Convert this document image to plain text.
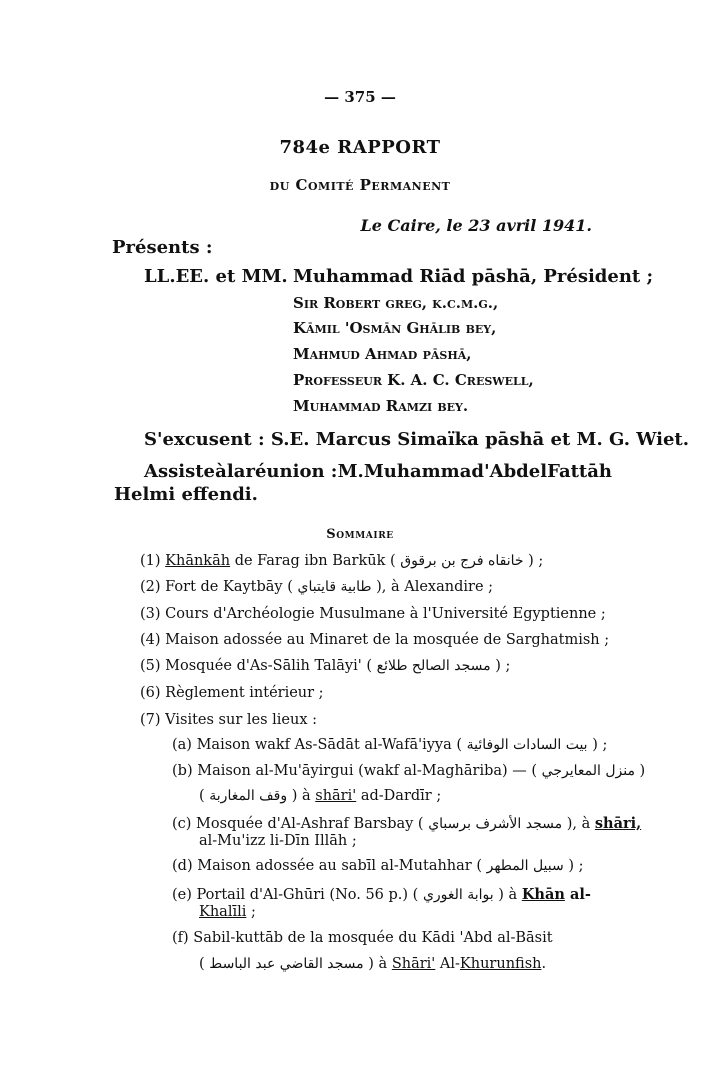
— 375 —
784e RAPPORT
du Comité Permanent
Le Caire, le 23 avril 1941.
Présents :
LL.EE. et MM. Muhammad Riād pāshā, Président ;
Sir Robert greg, k.c.m.g.,
Kāmil 'Osmān Ghālib bey,
Mahmud Ahmad pāshā,
Professeur K. A. C. Creswell,
Muhammad Ramzi bey.
S'excusent : S.E. Marcus Simaïka pāshā et M. G. Wiet.
Assiste à la réunion : M. Muhammad 'Abdel Fattāh
Helmi effendi.
Sommaire
(1) Khānkāh de Farag ibn Barkūk ( خانقاه فرج بن برقوق ) ;
(2) Fort de Kaytbāy ( طابية قايتباي ), à Alexandire ;
(3) Cours d'Archéologie Musulmane à l'Université Egyptienne ;
(4) Maison adossée au Minaret de la mosquée de Sarghatmish ;
(5) Mosquée d'As-Sālih Talāyi' ( مسجد الصالح طلائع ) ;
(6) Règlement intérieur ;
(7) Visites sur les lieux :
(a) Maison wakf As-Sādāt al-Wafā'iyya ( بيت السادات الوفائية ) ;
(b) Maison al-Mu'āyirgui (wakf al-Maghāriba) — ( منزل المعايرجي )
( وقف المغاربة ) à shāri' ad-Dardīr ;
(c) Mosquée d'Al-Ashraf Barsbay ( مسجد الأشرف برسباي ), à shāri,
al-Mu'izz li-Dīn Illāh ;
(d) Maison adossée au sabīl al-Mutahhar ( سبيل المطهر ) ;
(e) Portail d'Al-Ghūri (No. 56 p.) ( بوابة الغوري ) à Khān al-
Khalīli ;
(f) Sabil-kuttāb de la mosquée du Kādi 'Abd al-Bāsit
( مسجد القاضي عبد الباسط ) à Shāri' Al-Khurunfish.
